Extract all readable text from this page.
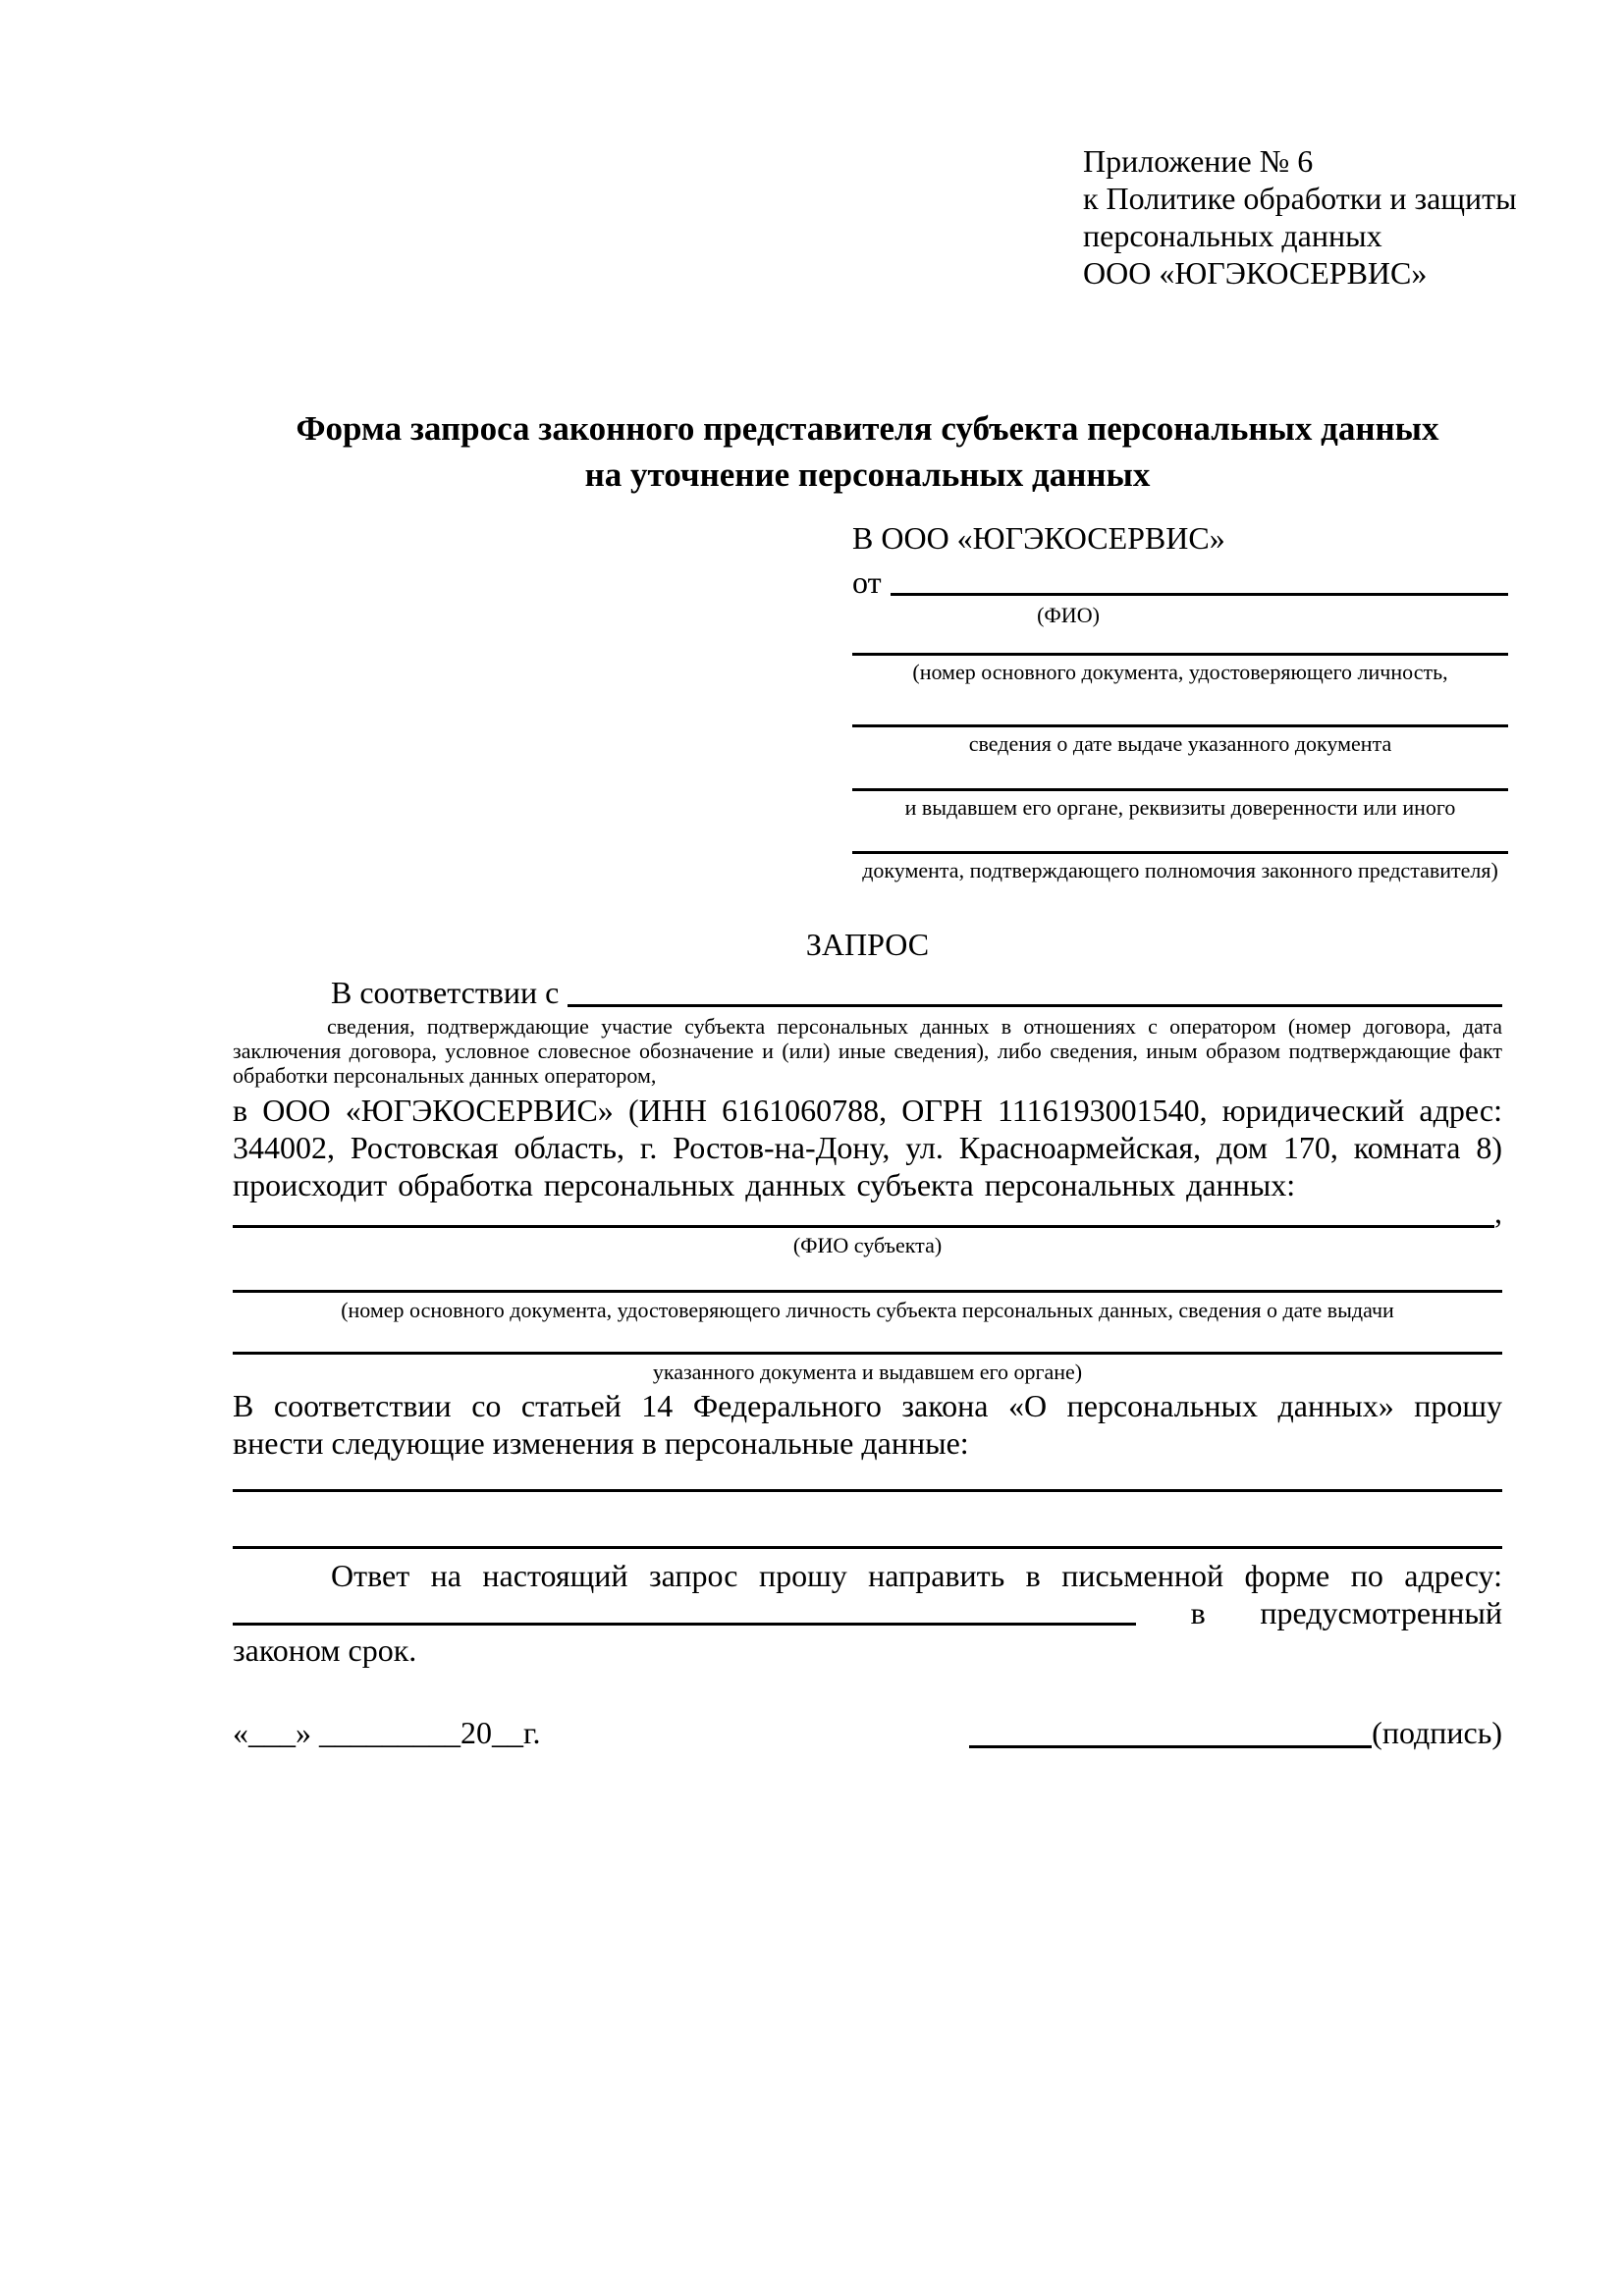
Приложение № 6
к Политике обработки и защиты
персональных данных
ООО «ЮГЭКОСЕРВИС»
Форма запроса законного представителя субъекта персональных данных
на уточнение персональных данных
В ООО «ЮГЭКОСЕРВИС»
от
(ФИО)
(номер основного документа, удостоверяющего личность,
сведения о дате выдаче указанного документа
и выдавшем его органе, реквизиты доверенности или иного
документа, подтверждающего полномочия законного представителя)
ЗАПРОС
В соответствии с
сведения, подтверждающие участие субъекта персональных данных в отношениях с оператором (номер договора, дата
заключения договора, условное словесное обозначение и (или) иные сведения), либо сведения, иным образом подтверждающие факт
обработки персональных данных оператором,
в ООО «ЮГЭКОСЕРВИС» (ИНН 6161060788, ОГРН 1116193001540, юридический адрес:
344002, Ростовская область, г. Ростов-на-Дону, ул. Красноармейская, дом 170, комната 8)
происходит обработка персональных данных субъекта персональных данных:
,
(ФИО субъекта)
(номер основного документа, удостоверяющего личность субъекта персональных данных, сведения о дате выдачи
указанного документа и выдавшем его органе)
В соответствии со статьей 14 Федерального закона «О персональных данных» прошу
внести следующие изменения в персональные данные:
Ответ на настоящий запрос прошу направить в письменной форме по адресу:
в предусмотренный
законом срок.
«___» _________20__г.	(подпись)
